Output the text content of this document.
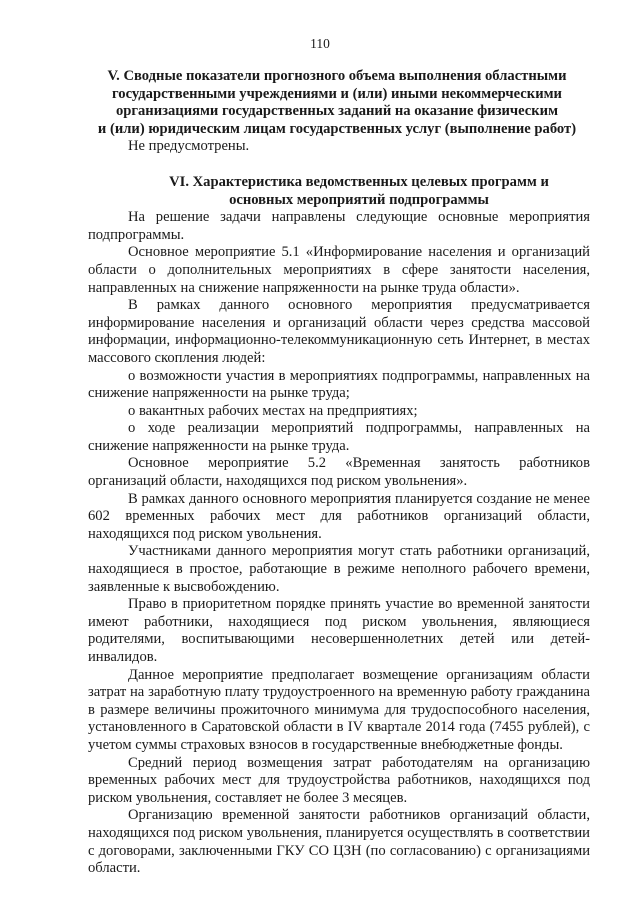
110
V. Сводные показатели прогнозного объема выполнения областными
государственными учреждениями и (или) иными некоммерческими
организациями государственных заданий на оказание физическим
и (или) юридическим лицам государственных услуг (выполнение работ)

Не предусмотрены.

VI. Характеристика ведомственных целевых программ и
основных мероприятий подпрограммы

На решение задачи направлены следующие основные мероприятия подпрограммы.

Основное мероприятие 5.1 «Информирование населения и организаций области о дополнительных мероприятиях в сфере занятости населения, направленных на снижение напряженности на рынке труда области».

В рамках данного основного мероприятия предусматривается информирование населения и организаций области через средства массовой информации, информационно-телекоммуникационную сеть Интернет, в местах массового скопления людей:

о возможности участия в мероприятиях подпрограммы, направленных на снижение напряженности на рынке труда;

о вакантных рабочих местах на предприятиях;

о ходе реализации мероприятий подпрограммы, направленных на снижение напряженности на рынке труда.

Основное мероприятие 5.2 «Временная занятость работников организаций области, находящихся под риском увольнения».

В рамках данного основного мероприятия планируется создание не менее 602 временных рабочих мест для работников организаций области, находящихся под риском увольнения.

Участниками данного мероприятия могут стать работники организаций, находящиеся в простое, работающие в режиме неполного рабочего времени, заявленные к высвобождению.

Право в приоритетном порядке принять участие во временной занятости имеют работники, находящиеся под риском увольнения, являющиеся родителями, воспитывающими несовершеннолетних детей или детей-инвалидов.

Данное мероприятие предполагает возмещение организациям области затрат на заработную плату трудоустроенного на временную работу гражданина в размере величины прожиточного минимума для трудоспособного населения, установленного в Саратовской области в IV квартале 2014 года (7455 рублей), с учетом суммы страховых взносов в государственные внебюджетные фонды.

Средний период возмещения затрат работодателям на организацию временных рабочих мест для трудоустройства работников, находящихся под риском увольнения, составляет не более 3 месяцев.

Организацию временной занятости работников организаций области, находящихся под риском увольнения, планируется осуществлять в соответствии с договорами, заключенными ГКУ СО ЦЗН (по согласованию) с организациями области.
